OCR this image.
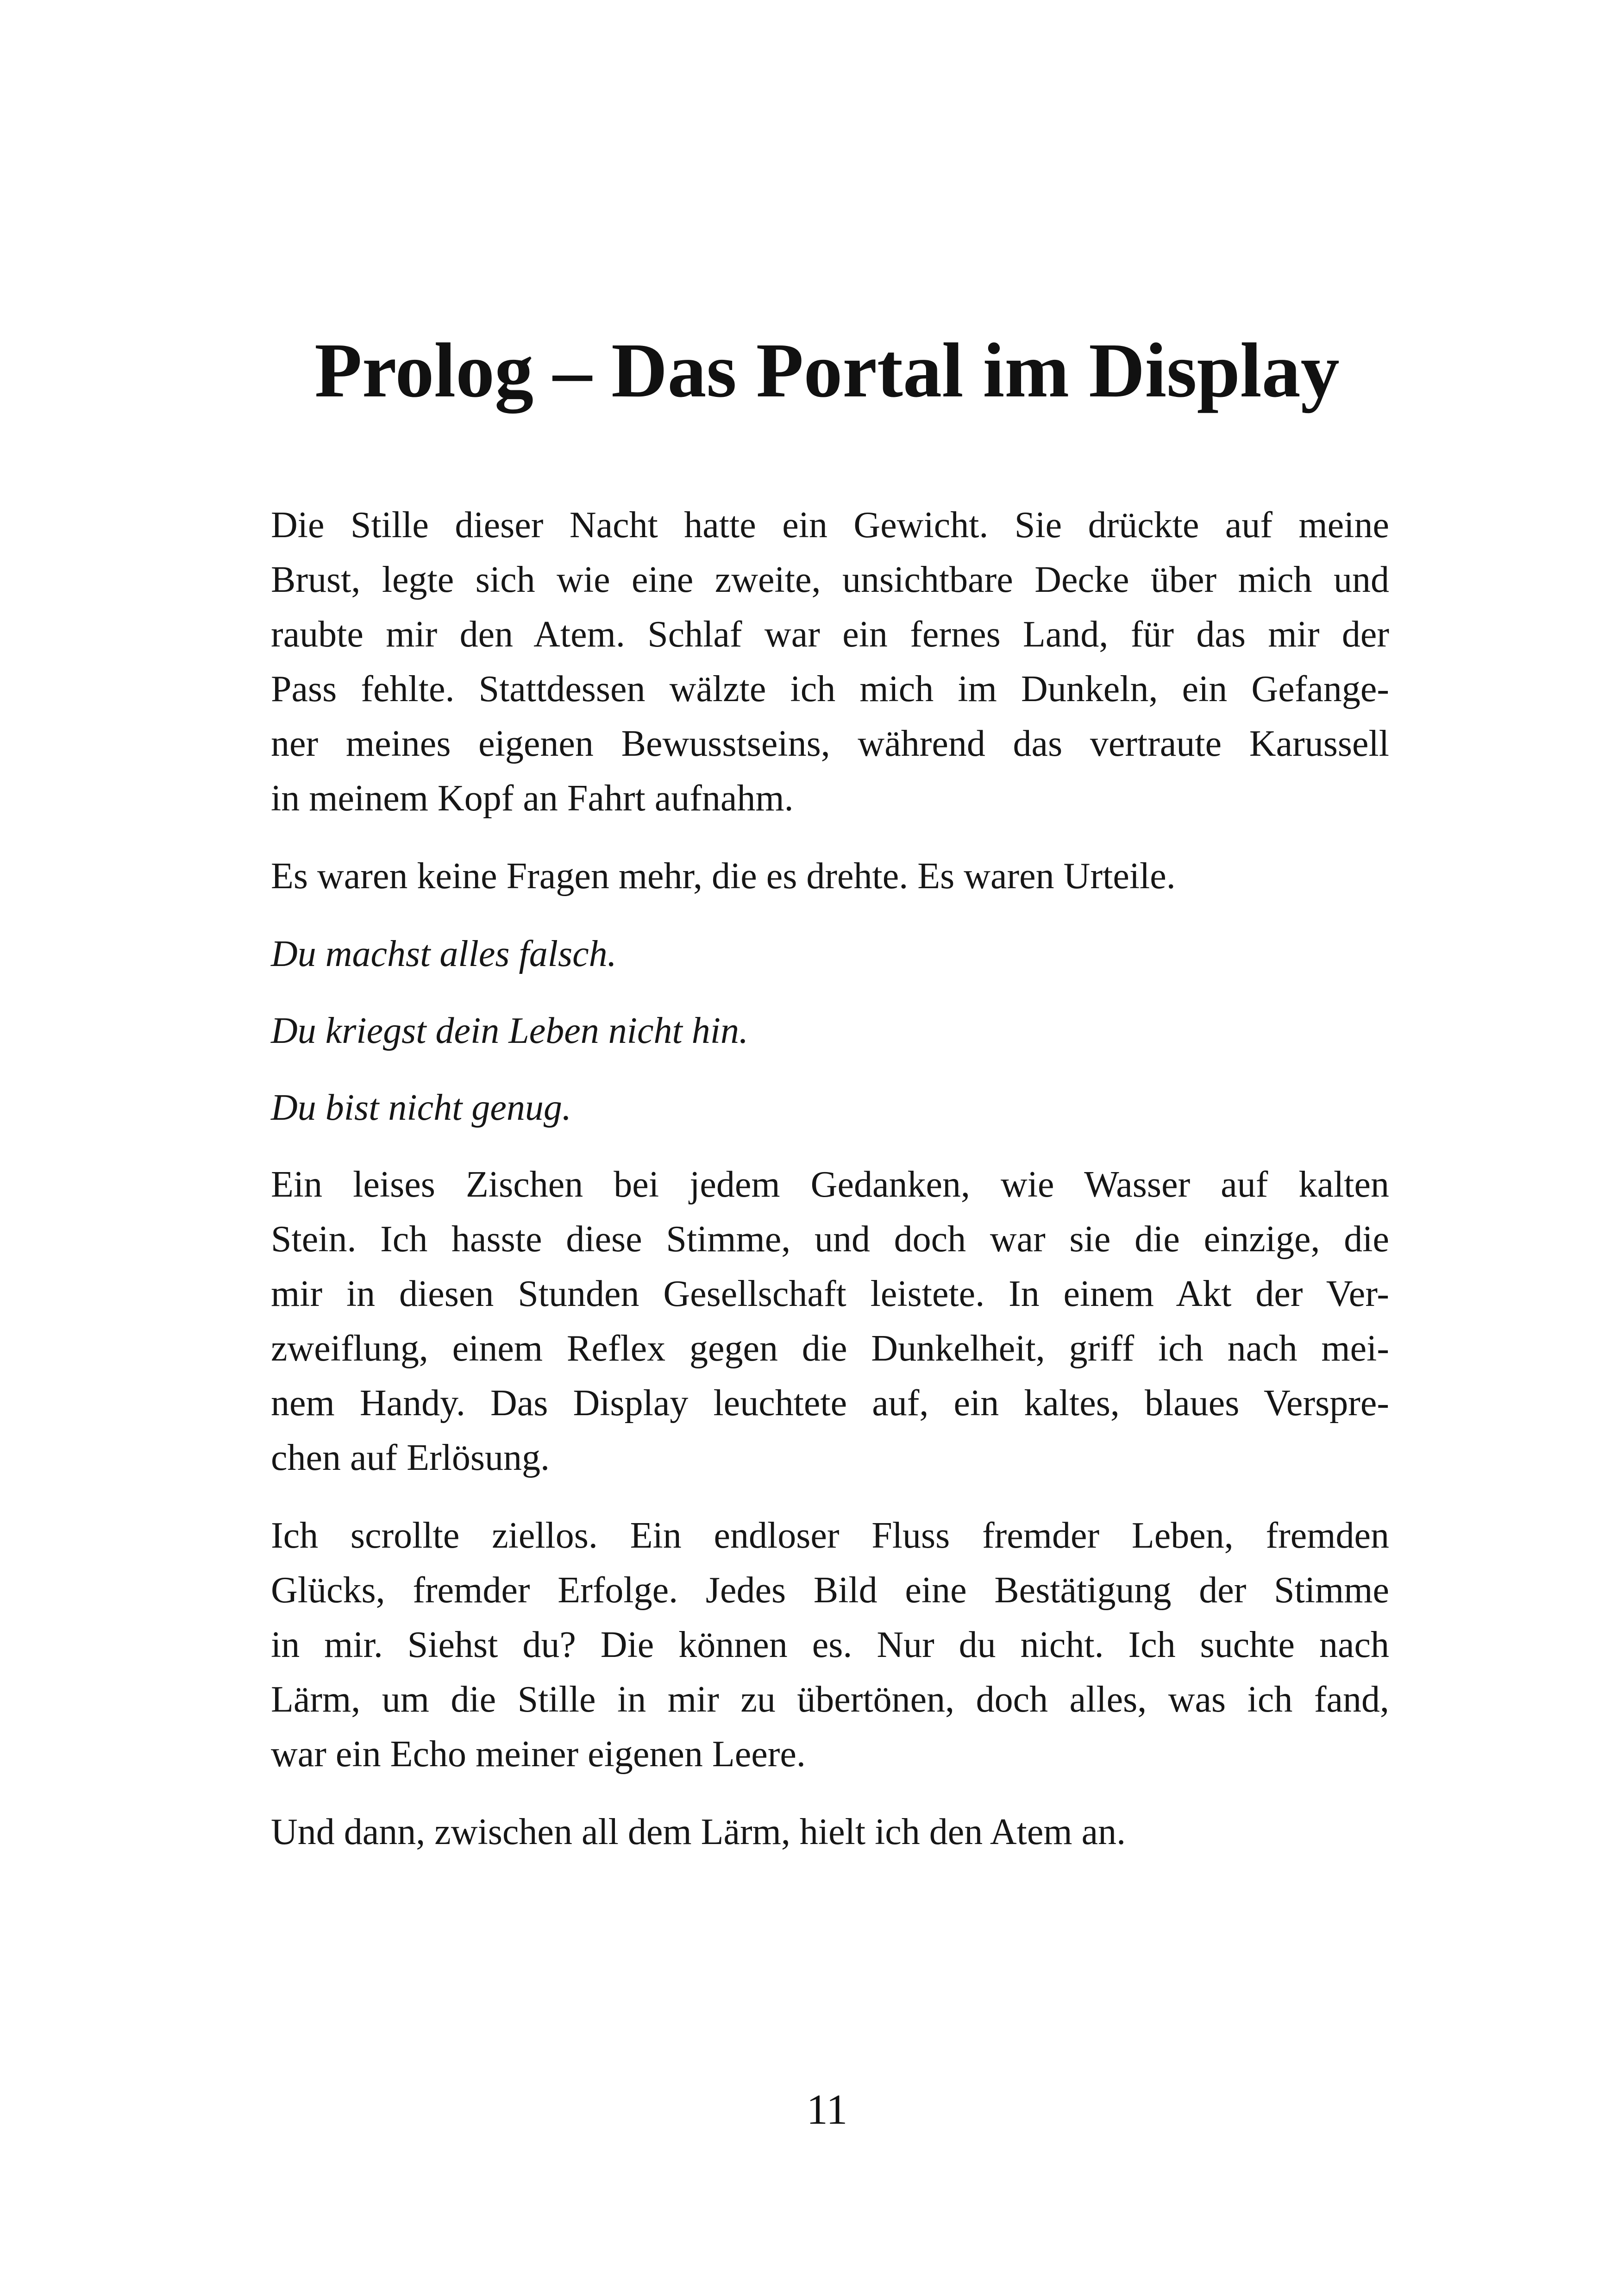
Prolog – Das Portal im Display

Die Stille dieser Nacht hatte ein Gewicht. Sie drückte auf meine
Brust, legte sich wie eine zweite, unsichtbare Decke über mich und
raubte mir den Atem. Schlaf war ein fernes Land, für das mir der
Pass fehlte. Stattdessen wälzte ich mich im Dunkeln, ein Gefange-
ner meines eigenen Bewusstseins, während das vertraute Karussell
in meinem Kopf an Fahrt aufnahm.

Es waren keine Fragen mehr, die es drehte. Es waren Urteile.

Du machst alles falsch.

Du kriegst dein Leben nicht hin.

Du bist nicht genug.

Ein leises Zischen bei jedem Gedanken, wie Wasser auf kalten
Stein. Ich hasste diese Stimme, und doch war sie die einzige, die
mir in diesen Stunden Gesellschaft leistete. In einem Akt der Ver-
zweiflung, einem Reflex gegen die Dunkelheit, griff ich nach mei-
nem Handy. Das Display leuchtete auf, ein kaltes, blaues Verspre-
chen auf Erlösung.

Ich scrollte ziellos. Ein endloser Fluss fremder Leben, fremden
Glücks, fremder Erfolge. Jedes Bild eine Bestätigung der Stimme
in mir. Siehst du? Die können es. Nur du nicht. Ich suchte nach
Lärm, um die Stille in mir zu übertönen, doch alles, was ich fand,
war ein Echo meiner eigenen Leere.

Und dann, zwischen all dem Lärm, hielt ich den Atem an.

11
